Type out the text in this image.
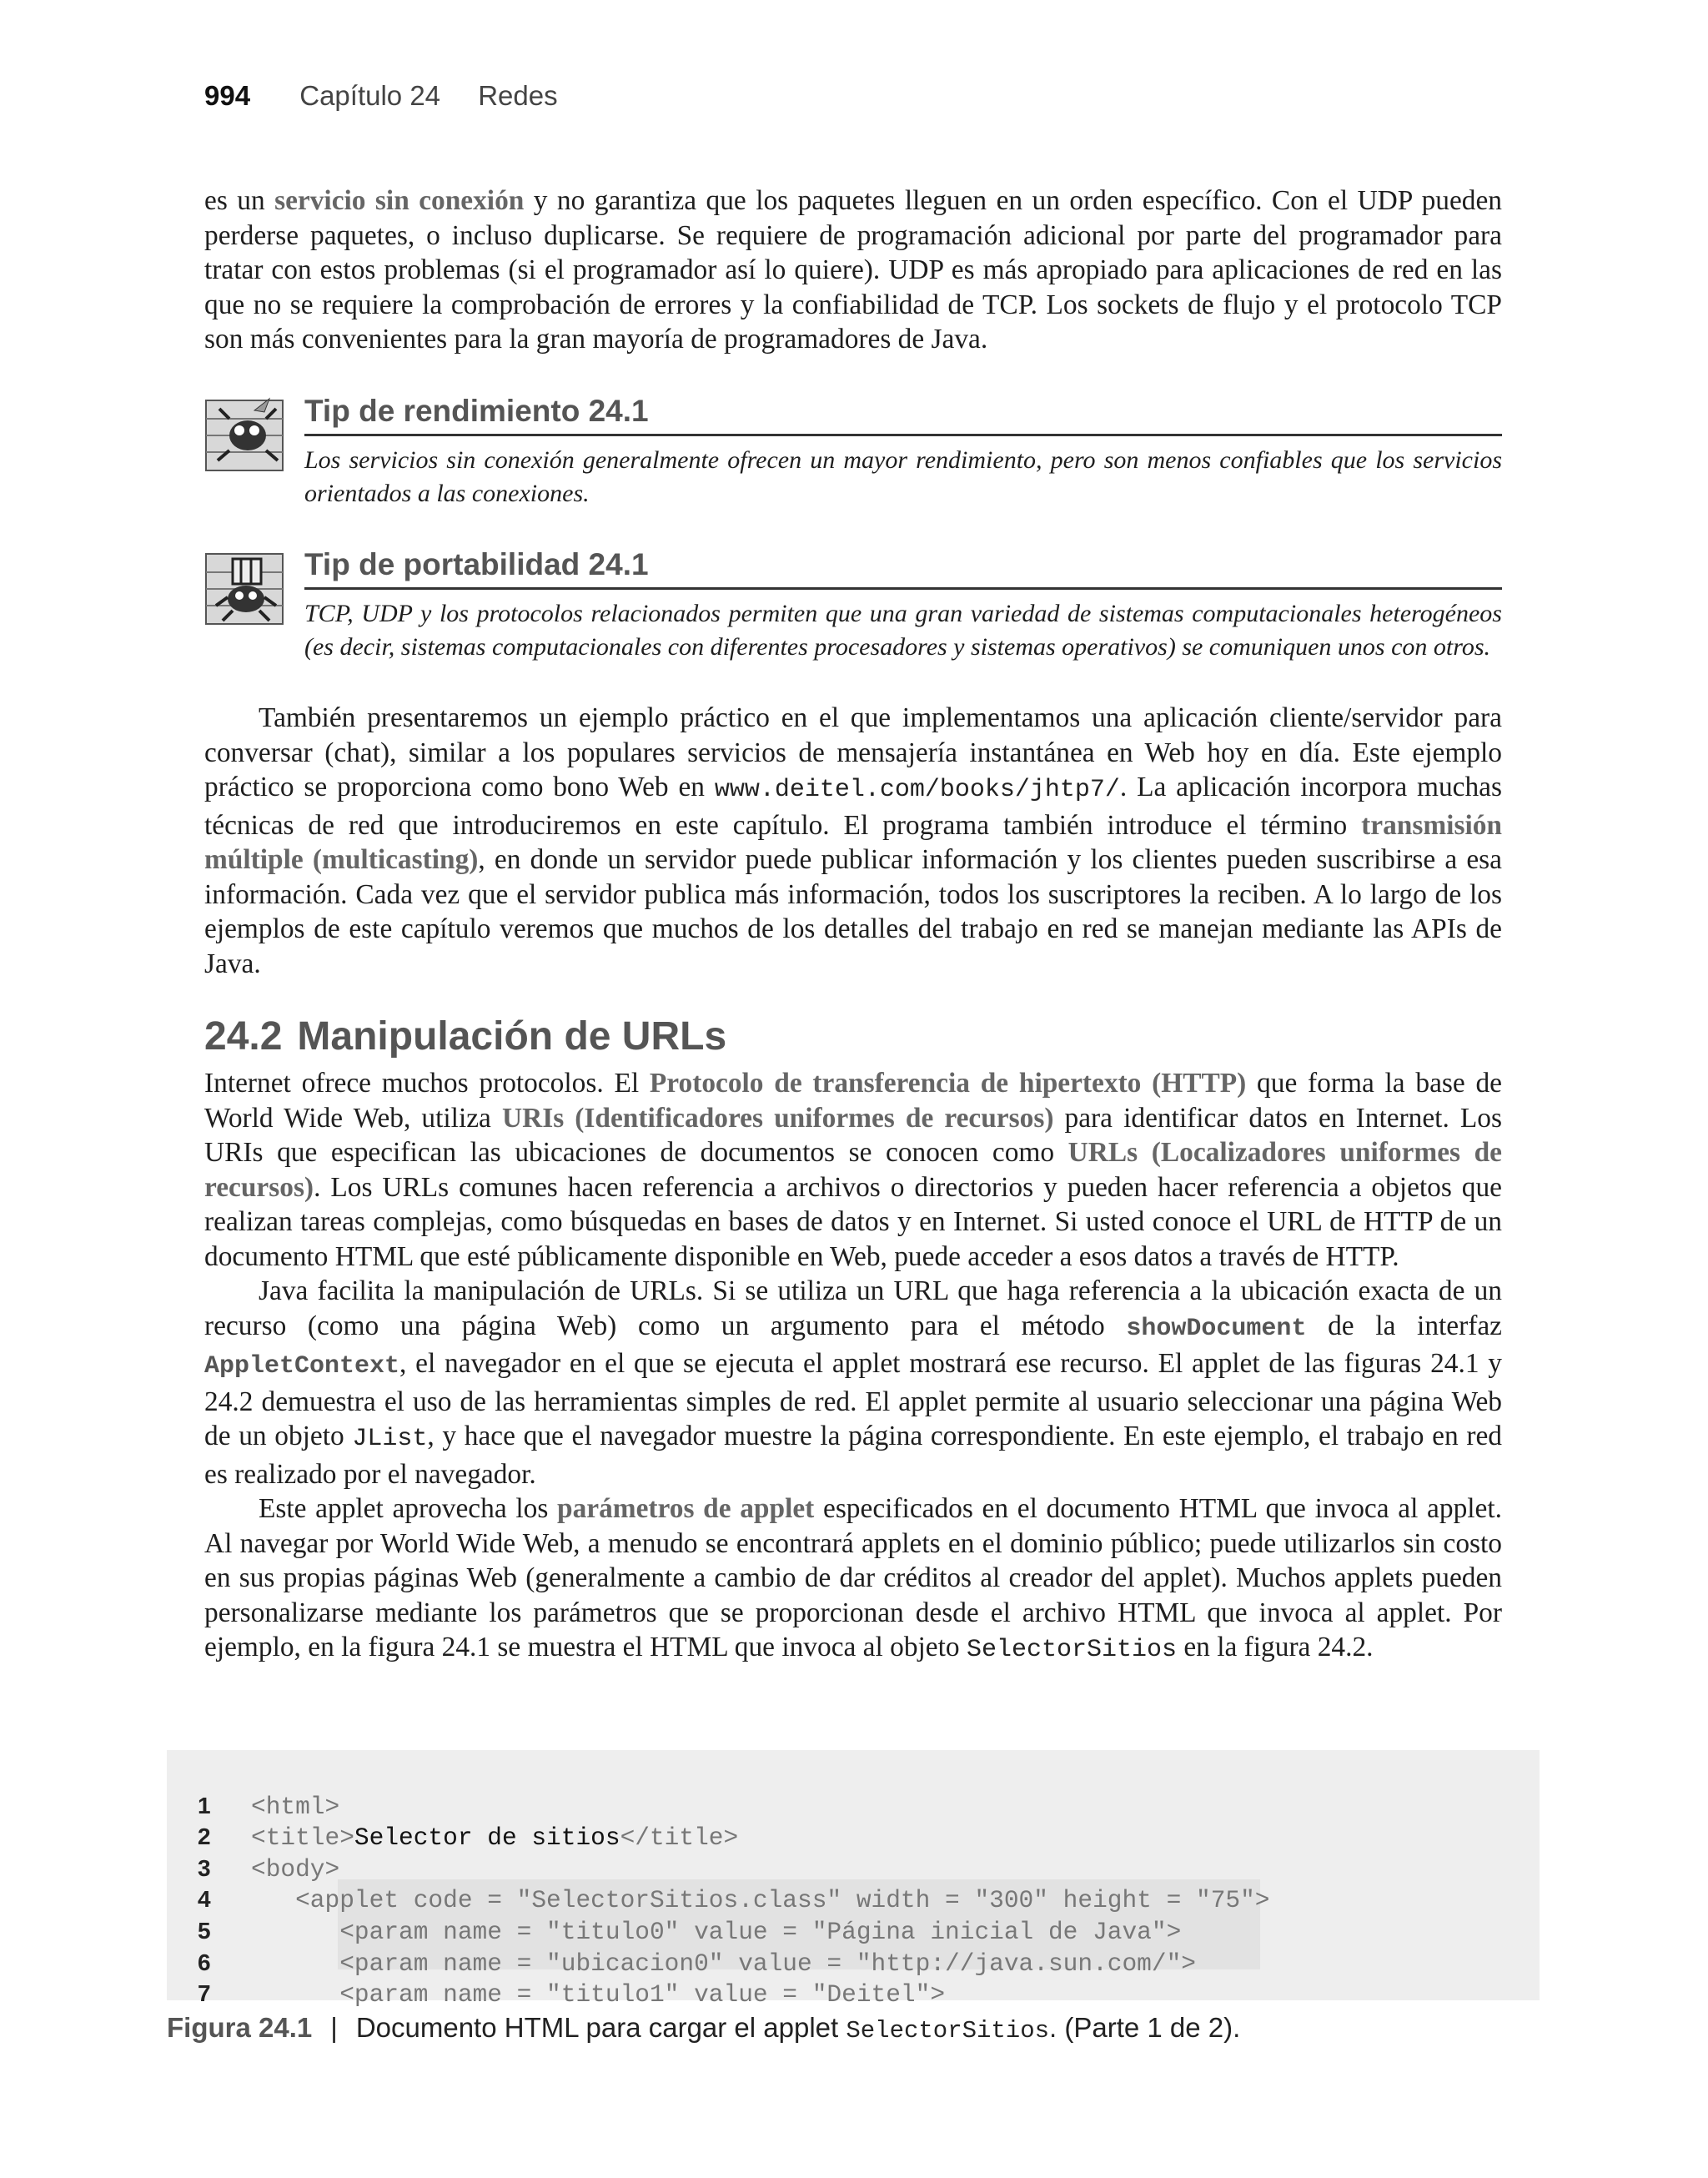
994 Capítulo 24 Redes

es un servicio sin conexión y no garantiza que los paquetes lleguen en un orden específico. Con el UDP pueden perderse paquetes, o incluso duplicarse. Se requiere de programación adicional por parte del programador para tratar con estos problemas (si el programador así lo quiere). UDP es más apropiado para aplicaciones de red en las que no se requiere la comprobación de errores y la confiabilidad de TCP. Los sockets de flujo y el protocolo TCP son más convenientes para la gran mayoría de programadores de Java.

Tip de rendimiento 24.1
Los servicios sin conexión generalmente ofrecen un mayor rendimiento, pero son menos confiables que los servicios orientados a las conexiones.
Tip de portabilidad 24.1
TCP, UDP y los protocolos relacionados permiten que una gran variedad de sistemas computacionales heterogéneos (es decir, sistemas computacionales con diferentes procesadores y sistemas operativos) se comuniquen unos con otros.

También presentaremos un ejemplo práctico en el que implementamos una aplicación cliente/servidor para conversar (chat), similar a los populares servicios de mensajería instantánea en Web hoy en día. Este ejemplo práctico se proporciona como bono Web en www.deitel.com/books/jhtp7/. La aplicación incorpora muchas técnicas de red que introduciremos en este capítulo. El programa también introduce el término transmisión múltiple (multicasting), en donde un servidor puede publicar información y los clientes pueden suscribirse a esa información. Cada vez que el servidor publica más información, todos los suscriptores la reciben. A lo largo de los ejemplos de este capítulo veremos que muchos de los detalles del trabajo en red se manejan mediante las APIs de Java.

24.2 Manipulación de URLs

Internet ofrece muchos protocolos. El Protocolo de transferencia de hipertexto (HTTP) que forma la base de World Wide Web, utiliza URIs (Identificadores uniformes de recursos) para identificar datos en Internet. Los URIs que especifican las ubicaciones de documentos se conocen como URLs (Localizadores uniformes de recursos). Los URLs comunes hacen referencia a archivos o directorios y pueden hacer referencia a objetos que realizan tareas complejas, como búsquedas en bases de datos y en Internet. Si usted conoce el URL de HTTP de un documento HTML que esté públicamente disponible en Web, puede acceder a esos datos a través de HTTP.

Java facilita la manipulación de URLs. Si se utiliza un URL que haga referencia a la ubicación exacta de un recurso (como una página Web) como un argumento para el método showDocument de la interfaz AppletContext, el navegador en el que se ejecuta el applet mostrará ese recurso. El applet de las figuras 24.1 y 24.2 demuestra el uso de las herramientas simples de red. El applet permite al usuario seleccionar una página Web de un objeto JList, y hace que el navegador muestre la página correspondiente. En este ejemplo, el trabajo en red es realizado por el navegador.

Este applet aprovecha los parámetros de applet especificados en el documento HTML que invoca al applet. Al navegar por World Wide Web, a menudo se encontrará applets en el dominio público; puede utilizarlos sin costo en sus propias páginas Web (generalmente a cambio de dar créditos al creador del applet). Muchos applets pueden personalizarse mediante los parámetros que se proporcionan desde el archivo HTML que invoca al applet. Por ejemplo, en la figura 24.1 se muestra el HTML que invoca al objeto SelectorSitios en la figura 24.2.

1 <html>
2 <title>Selector de sitios</title>
3 <body>
4	<applet code = "SelectorSitios.class" width = "300" height = "75">
5	<param name = "titulo0" value = "Página inicial de Java">
6	<param name = "ubicacion0" value = "http://java.sun.com/">
7	<param name = "titulo1" value = "Deitel">

Figura 24.1 | Documento HTML para cargar el applet SelectorSitios. (Parte 1 de 2).
